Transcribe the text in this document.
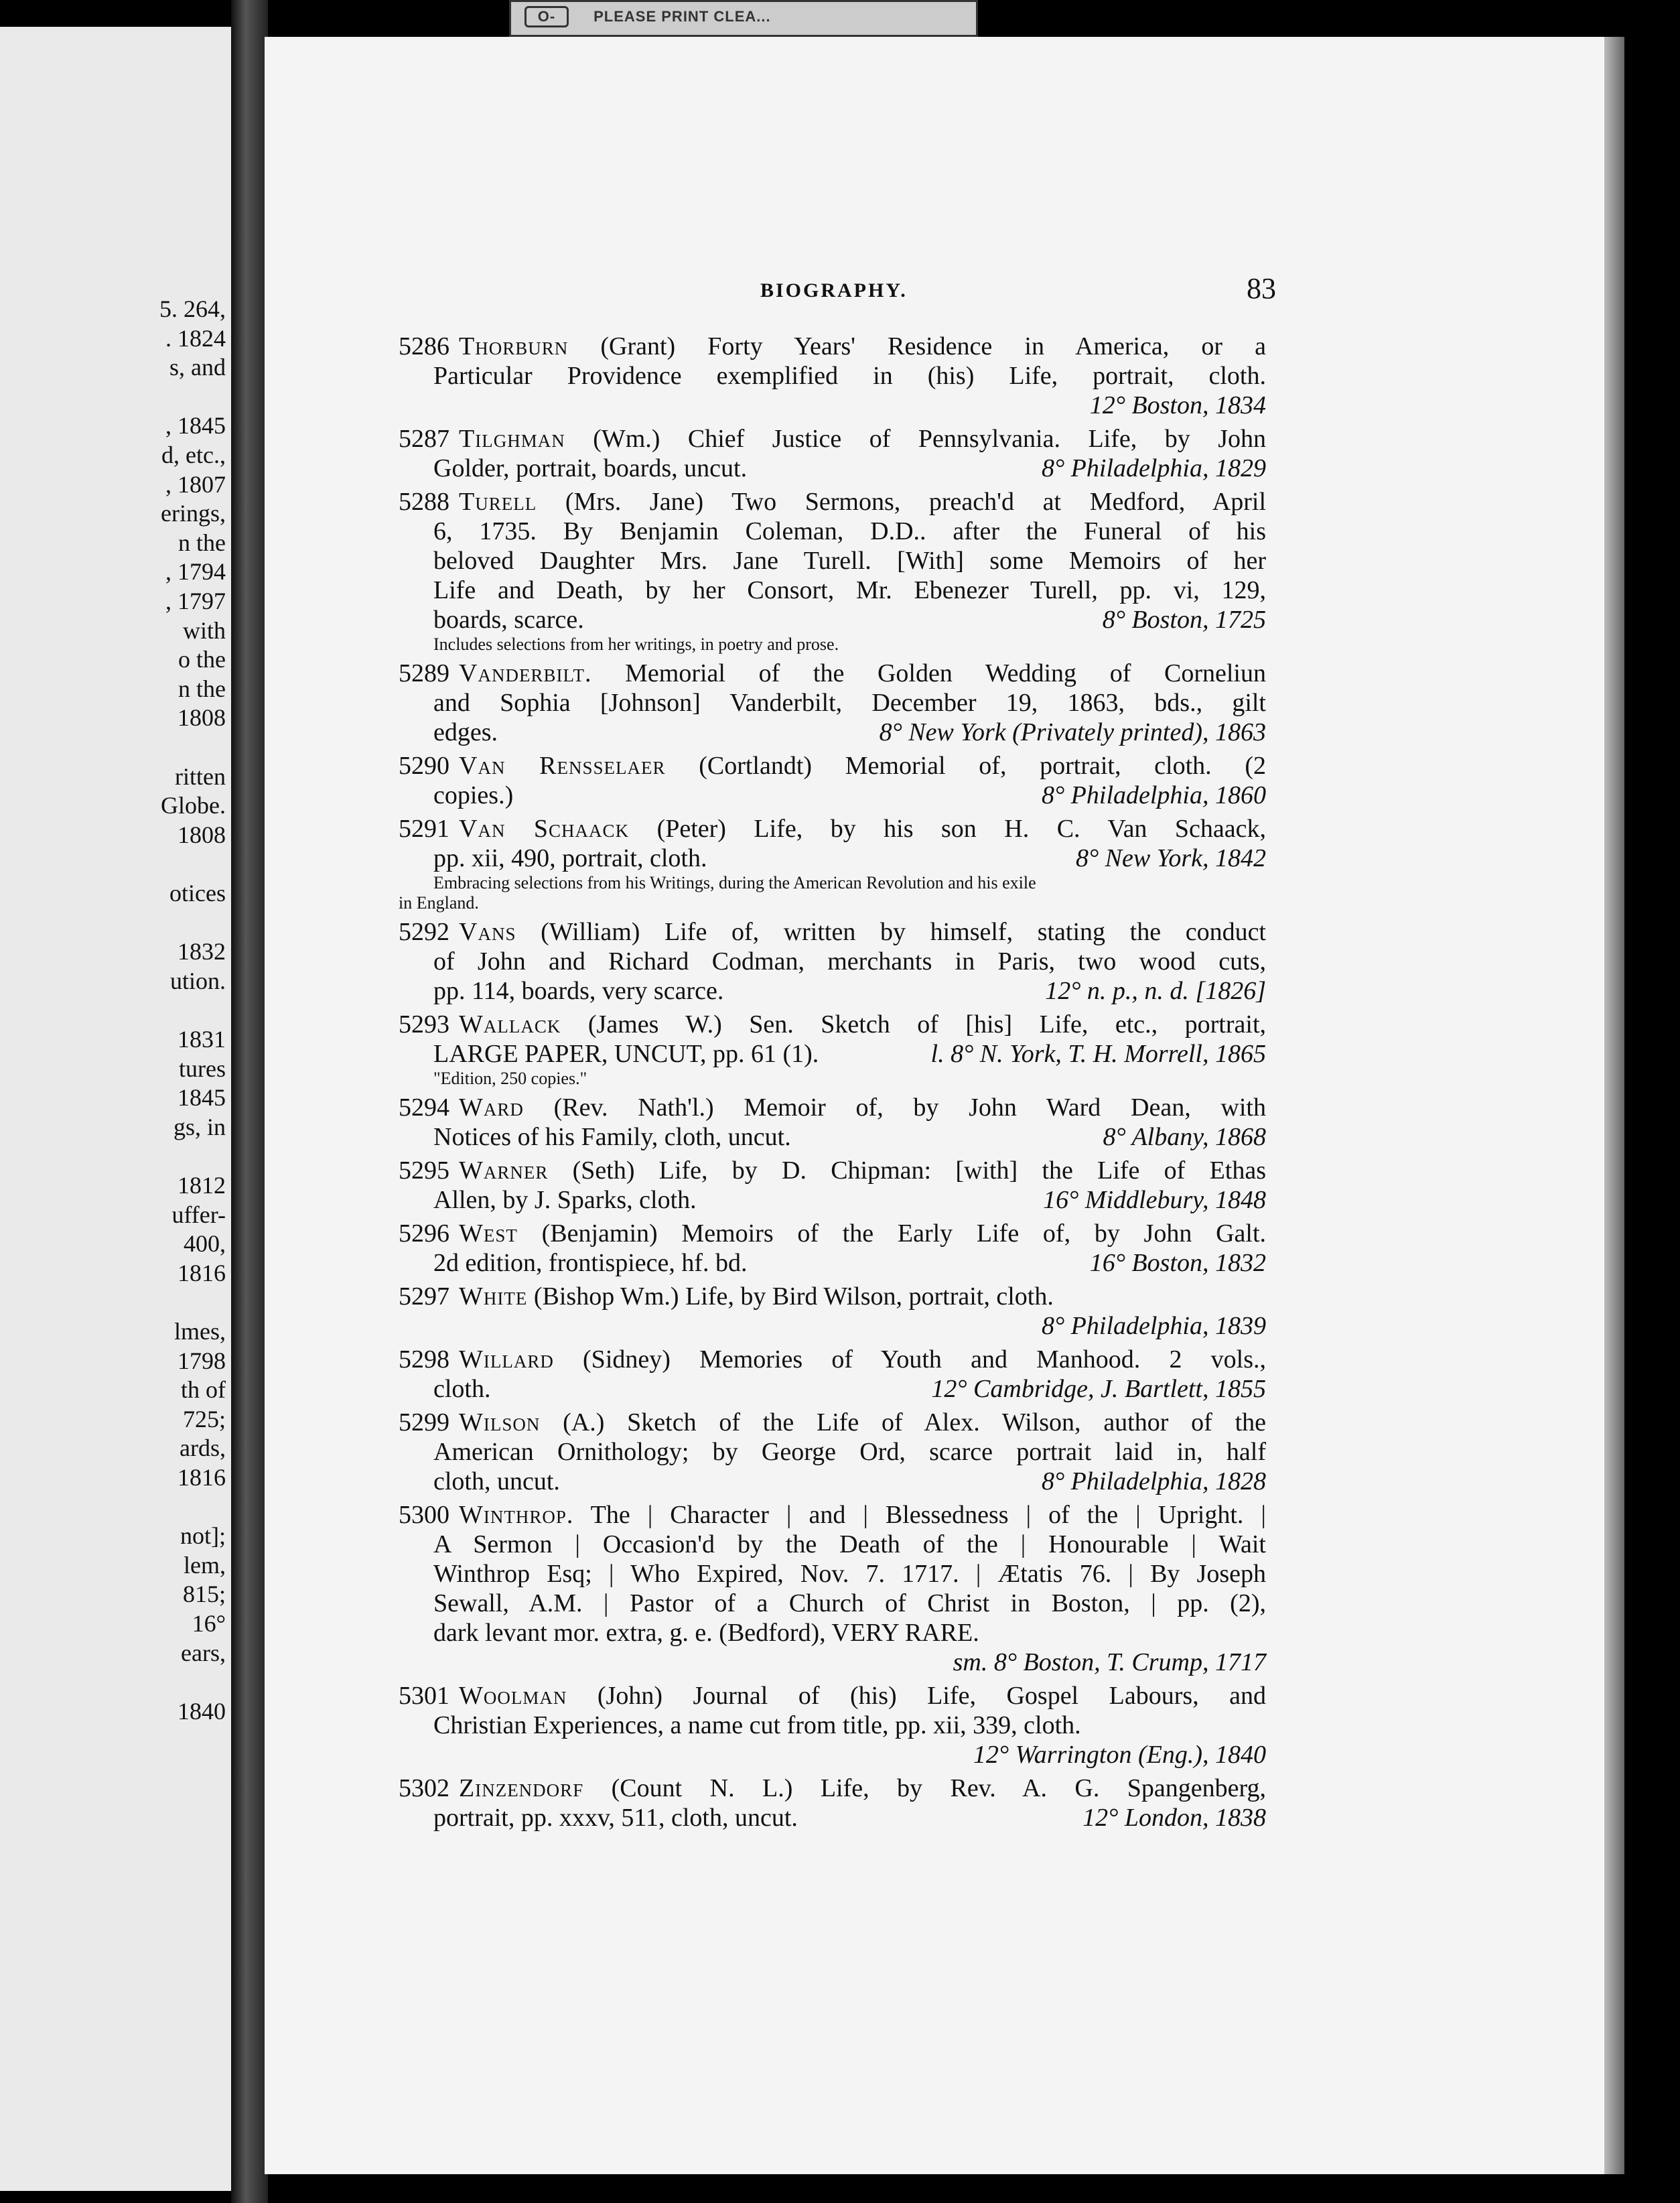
O-	PLEASE PRINT CLEA...
5. 264,
. 1824
s, and
, 1845
d, etc.,
, 1807
erings,
n the
, 1794
, 1797
with
o the
n the
1808
ritten
Globe.
1808
otices
1832
ution.
1831
tures
1845
gs, in
1812
uffer-
400,
1816
lmes,
1798
th of
725;
ards,
1816
not];
lem,
815;
16°
ears,
1840
BIOGRAPHY.	83
5286 Thorburn (Grant) Forty Years' Residence in America, or a
Particular Providence exemplified in (his) Life, portrait, cloth.
12° Boston, 1834
5287 Tilghman (Wm.) Chief Justice of Pennsylvania. Life, by John
Golder, portrait, boards, uncut.	8° Philadelphia, 1829
5288 Turell (Mrs. Jane) Two Sermons, preach'd at Medford, April
6, 1735. By Benjamin Coleman, D.D.. after the Funeral of his
beloved Daughter Mrs. Jane Turell. [With] some Memoirs of her
Life and Death, by her Consort, Mr. Ebenezer Turell, pp. vi, 129,
boards, scarce.	8° Boston, 1725
Includes selections from her writings, in poetry and prose.
5289 Vanderbilt. Memorial of the Golden Wedding of Corneliun
and Sophia [Johnson] Vanderbilt, December 19, 1863, bds., gilt
edges.	8° New York (Privately printed), 1863
5290 Van Rensselaer (Cortlandt) Memorial of, portrait, cloth. (2
copies.)	8° Philadelphia, 1860
5291 Van Schaack (Peter) Life, by his son H. C. Van Schaack,
pp. xii, 490, portrait, cloth.	8° New York, 1842
Embracing selections from his Writings, during the American Revolution and his exile
in England.
5292 Vans (William) Life of, written by himself, stating the conduct
of John and Richard Codman, merchants in Paris, two wood cuts,
pp. 114, boards, very scarce.	12° n. p., n. d. [1826]
5293 Wallack (James W.) Sen. Sketch of [his] Life, etc., portrait,
LARGE PAPER, UNCUT, pp. 61 (1).	l. 8° N. York, T. H. Morrell, 1865
"Edition, 250 copies."
5294 Ward (Rev. Nath'l.) Memoir of, by John Ward Dean, with
Notices of his Family, cloth, uncut.	8° Albany, 1868
5295 Warner (Seth) Life, by D. Chipman: [with] the Life of Ethas
Allen, by J. Sparks, cloth.	16° Middlebury, 1848
5296 West (Benjamin) Memoirs of the Early Life of, by John Galt.
2d edition, frontispiece, hf. bd.	16° Boston, 1832
5297 White (Bishop Wm.) Life, by Bird Wilson, portrait, cloth.
8° Philadelphia, 1839
5298 Willard (Sidney) Memories of Youth and Manhood. 2 vols.,
cloth.	12° Cambridge, J. Bartlett, 1855
5299 Wilson (A.) Sketch of the Life of Alex. Wilson, author of the
American Ornithology; by George Ord, scarce portrait laid in, half
cloth, uncut.	8° Philadelphia, 1828
5300 Winthrop. The | Character | and | Blessedness | of the | Upright. |
A Sermon | Occasion'd by the Death of the | Honourable | Wait
Winthrop Esq; | Who Expired, Nov. 7. 1717. | Ætatis 76. | By Joseph
Sewall, A.M. | Pastor of a Church of Christ in Boston, | pp. (2),
dark levant mor. extra, g. e. (Bedford), VERY RARE.
sm. 8° Boston, T. Crump, 1717
5301 Woolman (John) Journal of (his) Life, Gospel Labours, and
Christian Experiences, a name cut from title, pp. xii, 339, cloth.
12° Warrington (Eng.), 1840
5302 Zinzendorf (Count N. L.) Life, by Rev. A. G. Spangenberg,
portrait, pp. xxxv, 511, cloth, uncut.	12° London, 1838
